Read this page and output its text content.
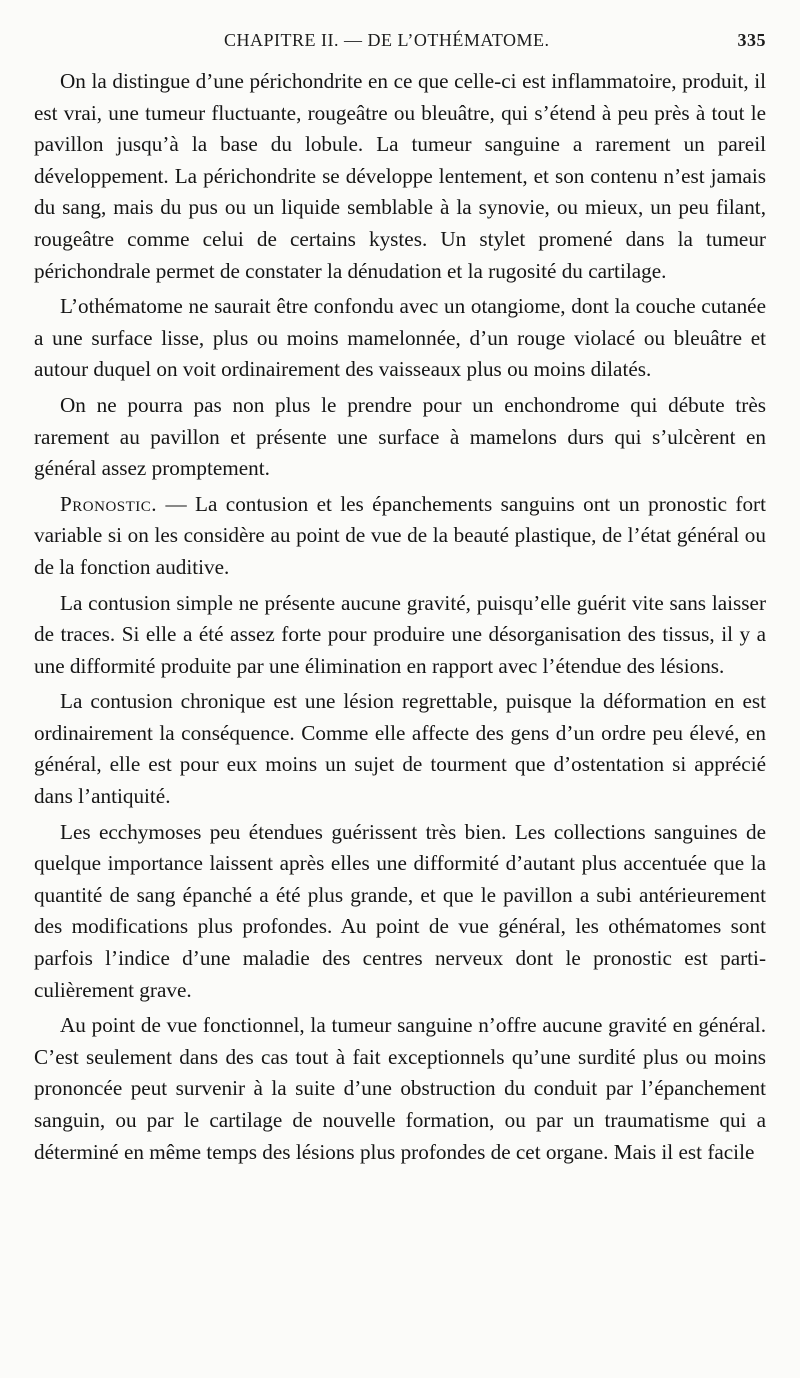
CHAPITRE II. — DE L’OTHÉMATOME.	335

On la distingue d’une périchondrite en ce que celle-ci est inflammatoire, produit, il est vrai, une tumeur fluctuante, rougeâtre ou bleuâtre, qui s’étend à peu près à tout le pavillon jusqu’à la base du lobule. La tumeur sanguine a rarement un pareil développement. La périchondrite se développe lentement, et son contenu n’est jamais du sang, mais du pus ou un liquide semblable à la synovie, ou mieux, un peu filant, rougeâtre comme celui de certains kystes. Un stylet promené dans la tumeur périchondrale permet de constater la dénudation et la rugosité du cartilage.

L’othématome ne saurait être confondu avec un otangiome, dont la couche cutanée a une surface lisse, plus ou moins mamelonnée, d’un rouge violacé ou bleuâtre et autour duquel on voit ordinairement des vaisseaux plus ou moins dilatés.

On ne pourra pas non plus le prendre pour un enchondrome qui débute très rarement au pavillon et présente une surface à mamelons durs qui s’ulcèrent en général assez promptement.

Pronostic. — La contusion et les épanchements sanguins ont un pronostic fort variable si on les considère au point de vue de la beauté plastique, de l’état général ou de la fonction auditive.

La contusion simple ne présente aucune gravité, puisqu’elle guérit vite sans laisser de traces. Si elle a été assez forte pour produire une désorganisation des tissus, il y a une difformité produite par une élimination en rapport avec l’étendue des lésions.

La contusion chronique est une lésion regrettable, puisque la déformation en est ordinairement la conséquence. Comme elle affecte des gens d’un ordre peu élevé, en général, elle est pour eux moins un sujet de tourment que d’ostentation si apprécié dans l’antiquité.

Les ecchymoses peu étendues guérissent très bien. Les collections sanguines de quelque importance laissent après elles une difformité d’autant plus accentuée que la quantité de sang épanché a été plus grande, et que le pavillon a subi antérieurement des modifications plus profondes. Au point de vue général, les othématomes sont parfois l’indice d’une maladie des centres nerveux dont le pronostic est particulièrement grave.

Au point de vue fonctionnel, la tumeur sanguine n’offre aucune gravité en général. C’est seulement dans des cas tout à fait exceptionnels qu’une surdité plus ou moins prononcée peut survenir à la suite d’une obstruction du conduit par l’épanchement sanguin, ou par le cartilage de nouvelle formation, ou par un traumatisme qui a déterminé en même temps des lésions plus profondes de cet organe. Mais il est facile
